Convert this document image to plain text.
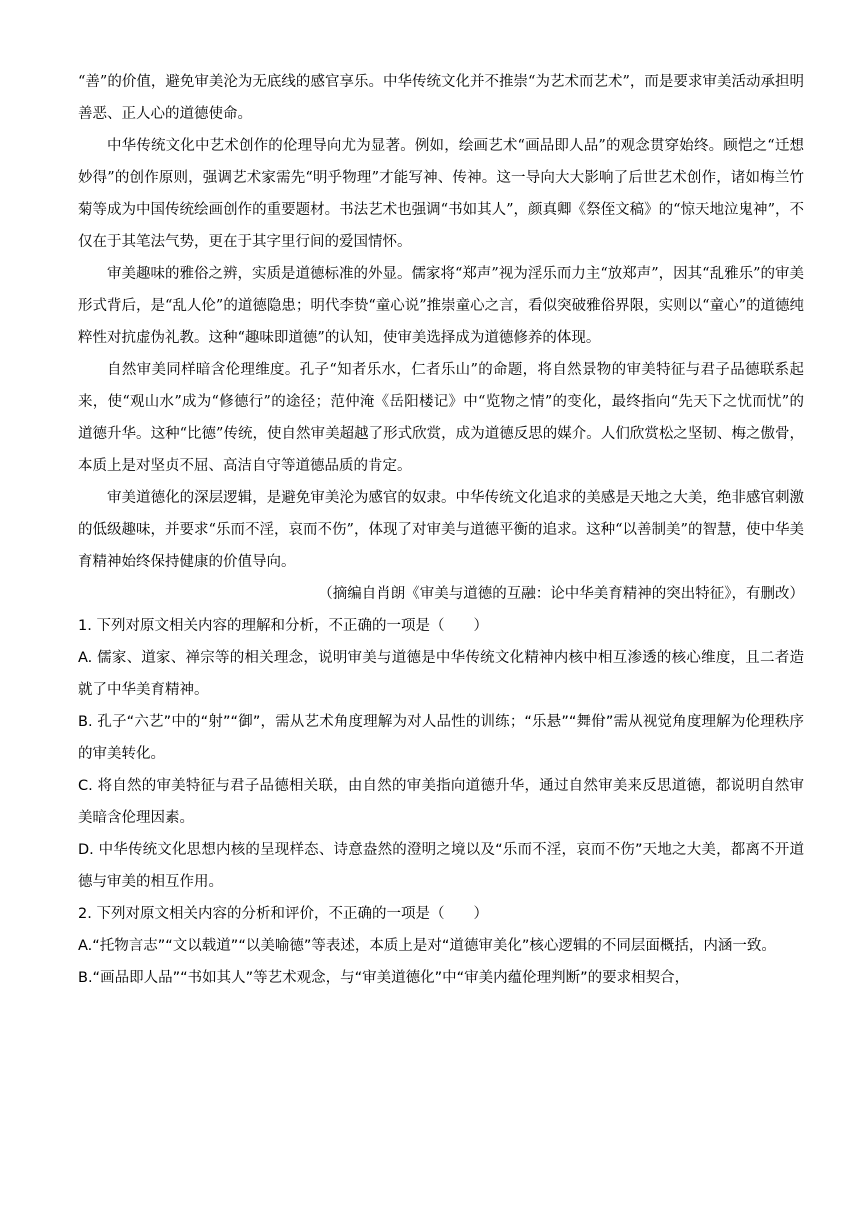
“善”的价值，避免审美沦为无底线的感官享乐。中华传统文化并不推崇“为艺术而艺术”，而是要求审美活动承担明善恶、正人心的道德使命。

中华传统文化中艺术创作的伦理导向尤为显著。例如，绘画艺术“画品即人品”的观念贯穿始终。顾恺之“迁想妙得”的创作原则，强调艺术家需先“明乎物理”才能写神、传神。这一导向大大影响了后世艺术创作，诸如梅兰竹菊等成为中国传统绘画创作的重要题材。书法艺术也强调“书如其人”，颜真卿《祭侄文稿》的“惊天地泣鬼神”，不仅在于其笔法气势，更在于其字里行间的爱国情怀。

审美趣味的雅俗之辨，实质是道德标准的外显。儒家将“郑声”视为淫乐而力主“放郑声”，因其“乱雅乐”的审美形式背后，是“乱人伦”的道德隐患；明代李贽“童心说”推崇童心之言，看似突破雅俗界限，实则以“童心”的道德纯粹性对抗虚伪礼教。这种“趣味即道德”的认知，使审美选择成为道德修养的体现。

自然审美同样暗含伦理维度。孔子“知者乐水，仁者乐山”的命题，将自然景物的审美特征与君子品德联系起来，使“观山水”成为“修德行”的途径；范仲淹《岳阳楼记》中“览物之情”的变化，最终指向“先天下之忧而忧”的道德升华。这种“比德”传统，使自然审美超越了形式欣赏，成为道德反思的媒介。人们欣赏松之坚韧、梅之傲骨，本质上是对坚贞不屈、高洁自守等道德品质的肯定。

审美道德化的深层逻辑，是避免审美沦为感官的奴隶。中华传统文化追求的美感是天地之大美，绝非感官刺激的低级趣味，并要求“乐而不淫，哀而不伤”，体现了对审美与道德平衡的追求。这种“以善制美”的智慧，使中华美育精神始终保持健康的价值导向。

（摘编自肖朗《审美与道德的互融：论中华美育精神的突出特征》，有删改）

1. 下列对原文相关内容的理解和分析，不正确的一项是（　　）

A. 儒家、道家、禅宗等的相关理念，说明审美与道德是中华传统文化精神内核中相互渗透的核心维度，且二者造就了中华美育精神。

B. 孔子“六艺”中的“射”“御”，需从艺术角度理解为对人品性的训练；“乐悬”“舞佾”需从视觉角度理解为伦理秩序的审美转化。

C. 将自然的审美特征与君子品德相关联，由自然的审美指向道德升华，通过自然审美来反思道德，都说明自然审美暗含伦理因素。

D. 中华传统文化思想内核的呈现样态、诗意盎然的澄明之境以及“乐而不淫，哀而不伤”天地之大美，都离不开道德与审美的相互作用。

2. 下列对原文相关内容的分析和评价，不正确的一项是（　　）

A.“托物言志”“文以载道”“以美喻德”等表述，本质上是对“道德审美化”核心逻辑的不同层面概括，内涵一致。

B.“画品即人品”“书如其人”等艺术观念，与“审美道德化”中“审美内蕴伦理判断”的要求相契合，
